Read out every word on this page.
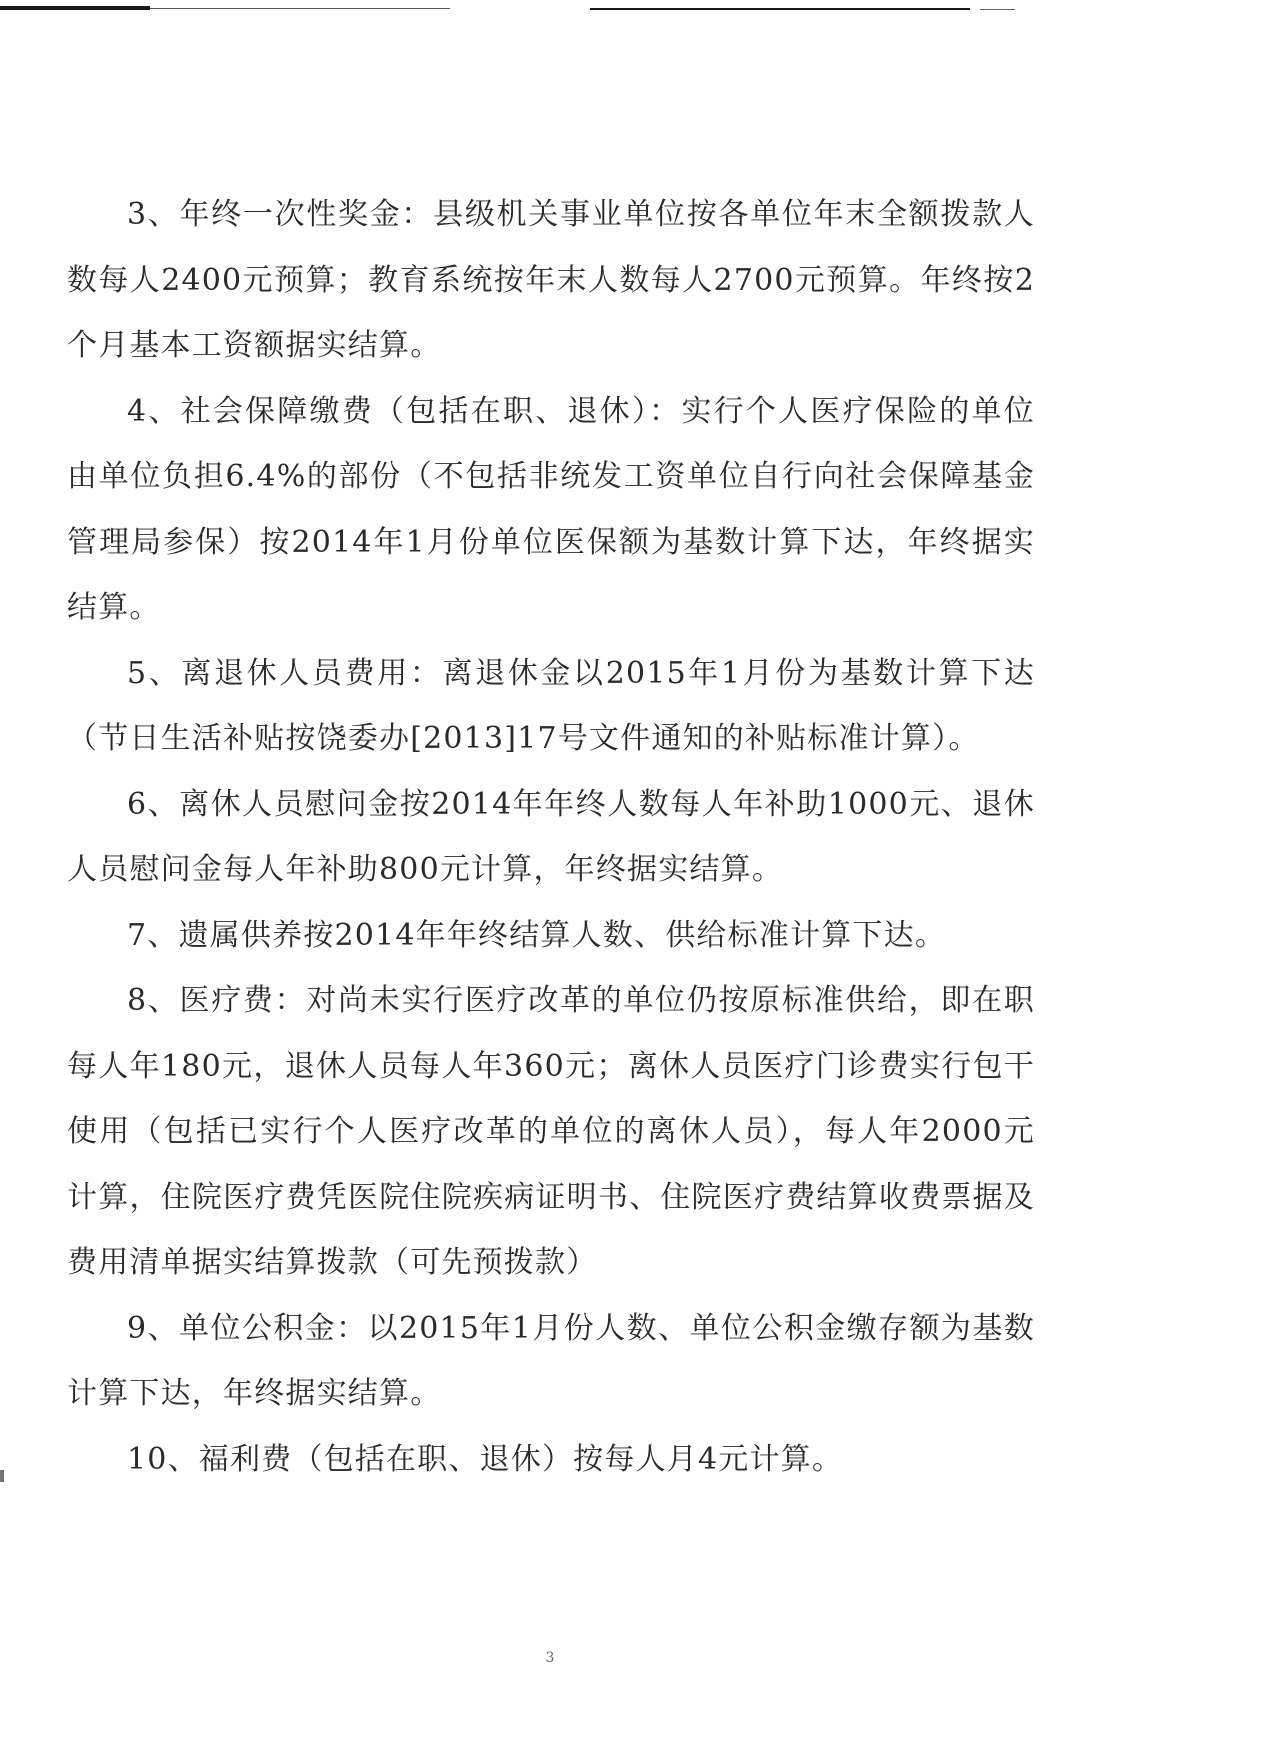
3、年终一次性奖金：县级机关事业单位按各单位年末全额拨款人数每人2400元预算；教育系统按年末人数每人2700元预算。年终按2个月基本工资额据实结算。

4、社会保障缴费（包括在职、退休）：实行个人医疗保险的单位由单位负担6.4%的部份（不包括非统发工资单位自行向社会保障基金管理局参保）按2014年1月份单位医保额为基数计算下达，年终据实结算。

5、离退休人员费用：离退休金以2015年1月份为基数计算下达（节日生活补贴按饶委办[2013]17号文件通知的补贴标准计算）。

6、离休人员慰问金按2014年年终人数每人年补助1000元、退休人员慰问金每人年补助800元计算，年终据实结算。

7、遗属供养按2014年年终结算人数、供给标准计算下达。

8、医疗费：对尚未实行医疗改革的单位仍按原标准供给，即在职每人年180元，退休人员每人年360元；离休人员医疗门诊费实行包干使用（包括已实行个人医疗改革的单位的离休人员），每人年2000元计算，住院医疗费凭医院住院疾病证明书、住院医疗费结算收费票据及费用清单据实结算拨款（可先预拨款）

9、单位公积金：以2015年1月份人数、单位公积金缴存额为基数计算下达，年终据实结算。

10、福利费（包括在职、退休）按每人月4元计算。

3
